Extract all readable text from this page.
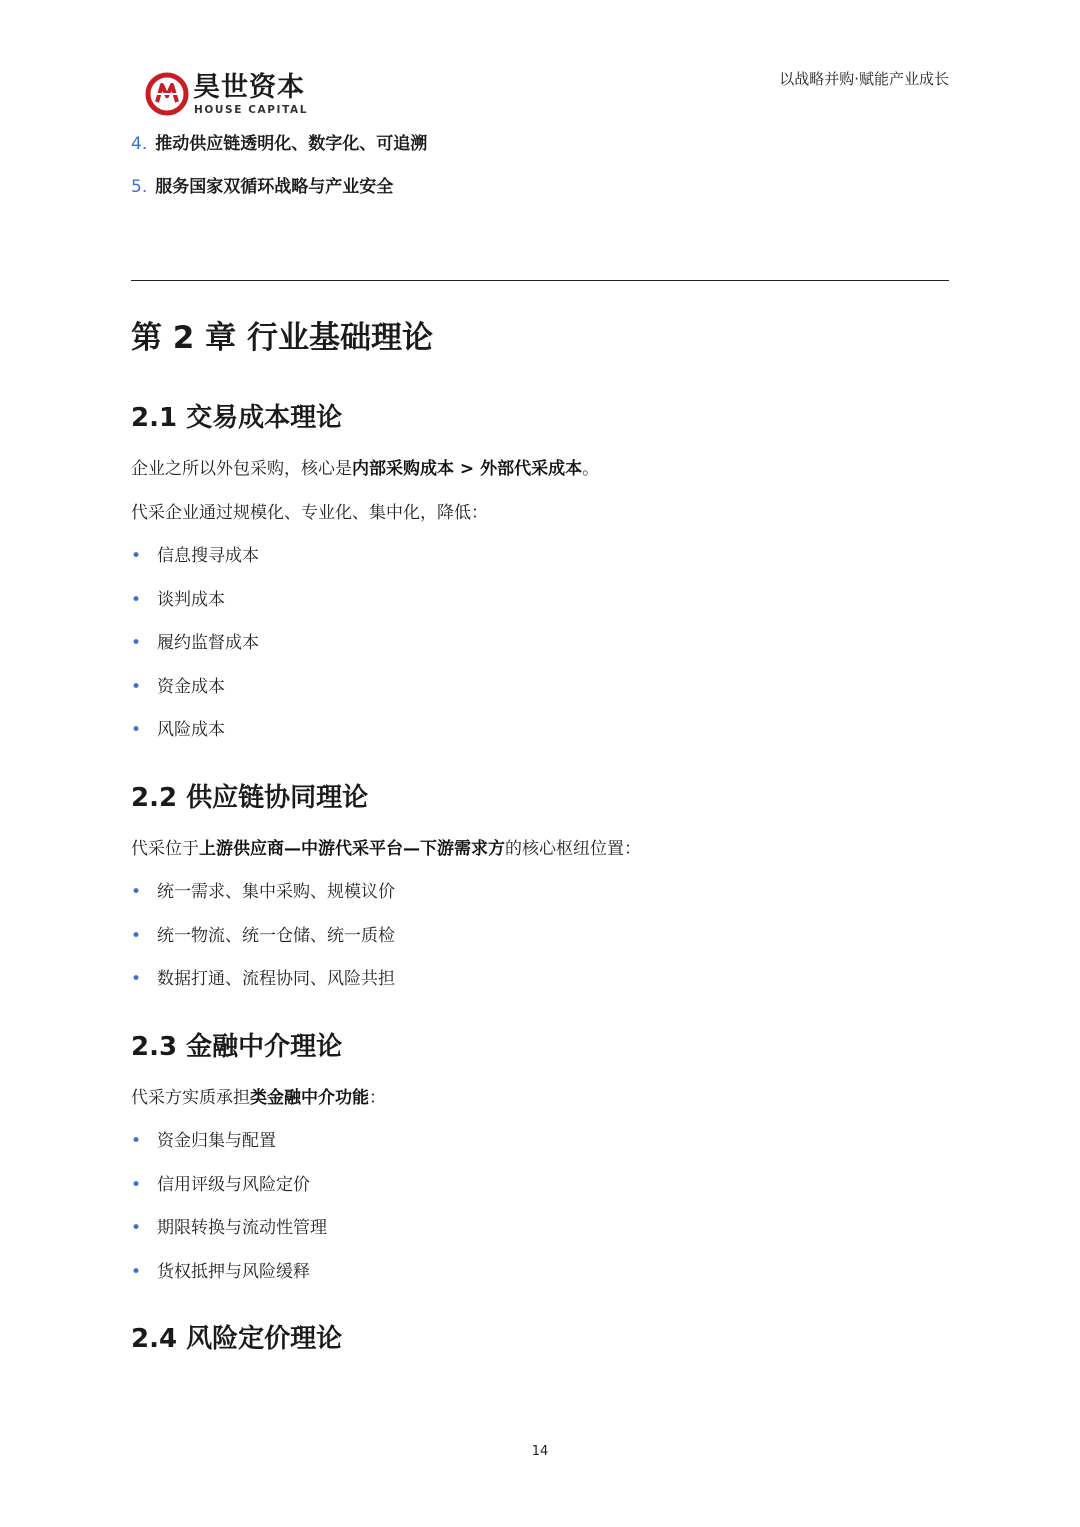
昊世资本
HOUSE CAPITAL
以战略并购·赋能产业成长
4. 推动供应链透明化、数字化、可追溯
5. 服务国家双循环战略与产业安全
第 2 章 行业基础理论
2.1 交易成本理论

企业之所以外包采购，核心是内部采购成本 > 外部代采成本。

代采企业通过规模化、专业化、集中化，降低：

• 信息搜寻成本
• 谈判成本
• 履约监督成本
• 资金成本
• 风险成本
2.2 供应链协同理论

代采位于上游供应商—中游代采平台—下游需求方的核心枢纽位置：

• 统一需求、集中采购、规模议价
• 统一物流、统一仓储、统一质检
• 数据打通、流程协同、风险共担
2.3 金融中介理论

代采方实质承担类金融中介功能：

• 资金归集与配置
• 信用评级与风险定价
• 期限转换与流动性管理
• 货权抵押与风险缓释
2.4 风险定价理论
14
